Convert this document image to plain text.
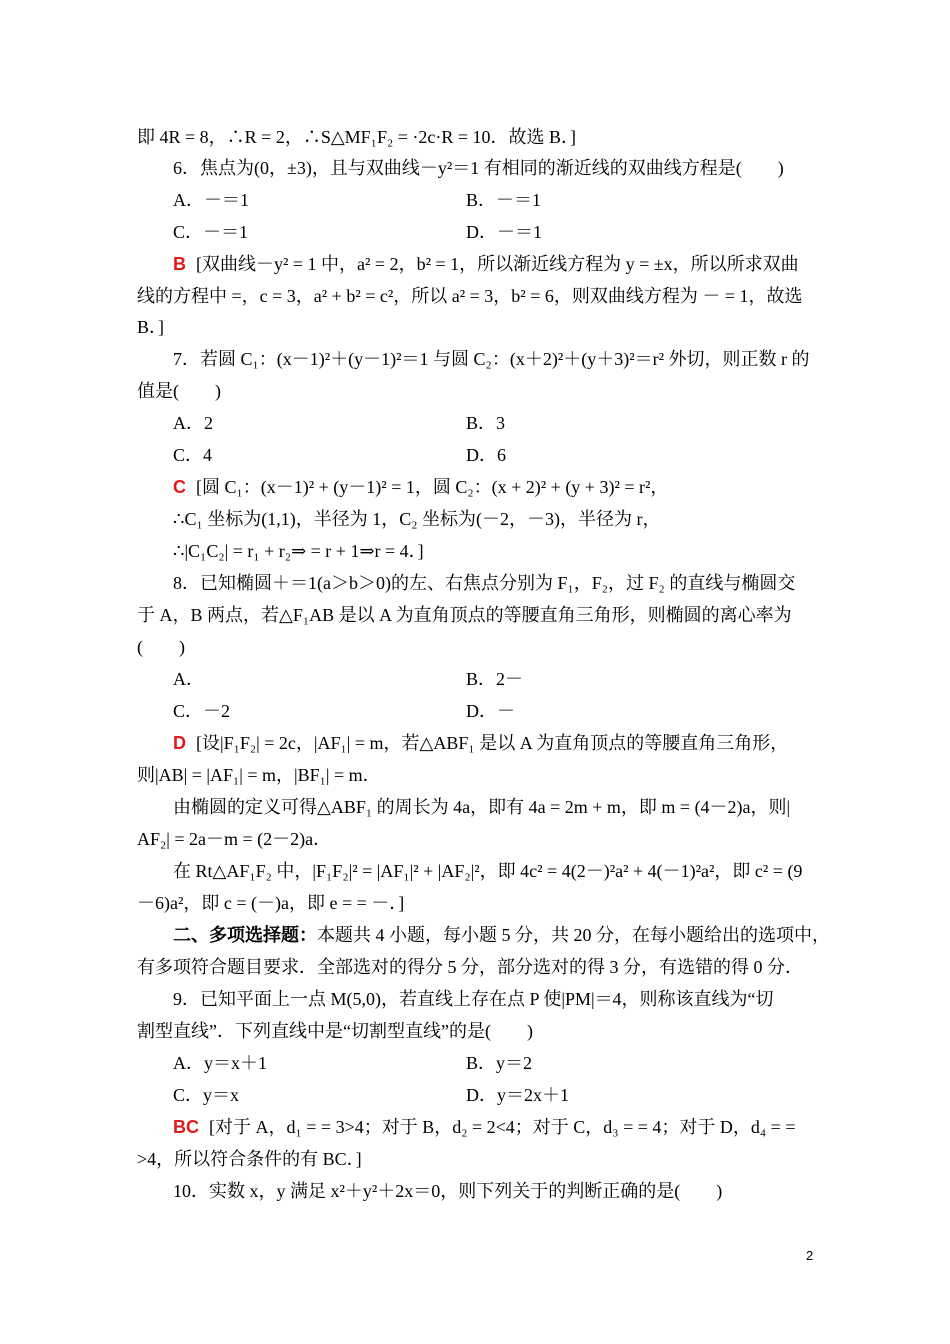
即 4R = 8，∴R = 2，∴S△MF₁F₂ = ·2c·R = 10．故选 B．]
6．焦点为(0，±3)，且与双曲线－y²＝1 有相同的渐近线的双曲线方程是(　　)
A．－＝1	B．－＝1
C．－＝1	D．－＝1
B [双曲线－y² = 1 中，a² = 2，b² = 1，所以渐近线方程为 y = ±x，所以所求双曲
线的方程中 =，c = 3，a² + b² = c²，所以 a² = 3，b² = 6，则双曲线方程为 － = 1，故选
B．]
7．若圆 C₁：(x－1)²＋(y－1)²＝1 与圆 C₂：(x＋2)²＋(y＋3)²＝r² 外切，则正数 r 的
值是(　　)
A．2	B．3
C．4	D．6
C [圆 C₁：(x－1)² + (y－1)² = 1，圆 C₂：(x + 2)² + (y + 3)² = r²，
∴C₁ 坐标为(1,1)，半径为 1，C₂ 坐标为(－2，－3)，半径为 r，
∴|C₁C₂| = r₁ + r₂⇒ = r + 1⇒r = 4．]
8．已知椭圆＋＝1(a＞b＞0)的左、右焦点分别为 F₁，F₂，过 F₂ 的直线与椭圆交
于 A，B 两点，若△F₁AB 是以 A 为直角顶点的等腰直角三角形，则椭圆的离心率为
(　　)
A．	B．2－
C．－2	D．－
D [设|F₁F₂| = 2c，|AF₁| = m，若△ABF₁ 是以 A 为直角顶点的等腰直角三角形，
则|AB| = |AF₁| = m，|BF₁| = m．
由椭圆的定义可得△ABF₁ 的周长为 4a，即有 4a = 2m + m，即 m = (4－2)a，则|
AF₂| = 2a－m = (2－2)a．
在 Rt△AF₁F₂ 中，|F₁F₂|² = |AF₁|² + |AF₂|²，即 4c² = 4(2－)²a² + 4(－1)²a²，即 c² = (9
－6)a²，即 c = (－)a，即 e = = －．]
二、多项选择题：本题共 4 小题，每小题 5 分，共 20 分，在每小题给出的选项中，
有多项符合题目要求．全部选对的得分 5 分，部分选对的得 3 分，有选错的得 0 分．
9．已知平面上一点 M(5,0)，若直线上存在点 P 使|PM|＝4，则称该直线为“切
割型直线”．下列直线中是“切割型直线”的是(　　)
A．y＝x＋1	B．y＝2
C．y＝x	D．y＝2x＋1
BC [对于 A，d₁ = = 3>4；对于 B，d₂ = 2<4；对于 C，d₃ = = 4；对于 D，d₄ = =
>4，所以符合条件的有 BC．]
10．实数 x，y 满足 x²＋y²＋2x＝0，则下列关于的判断正确的是(　　)
2
